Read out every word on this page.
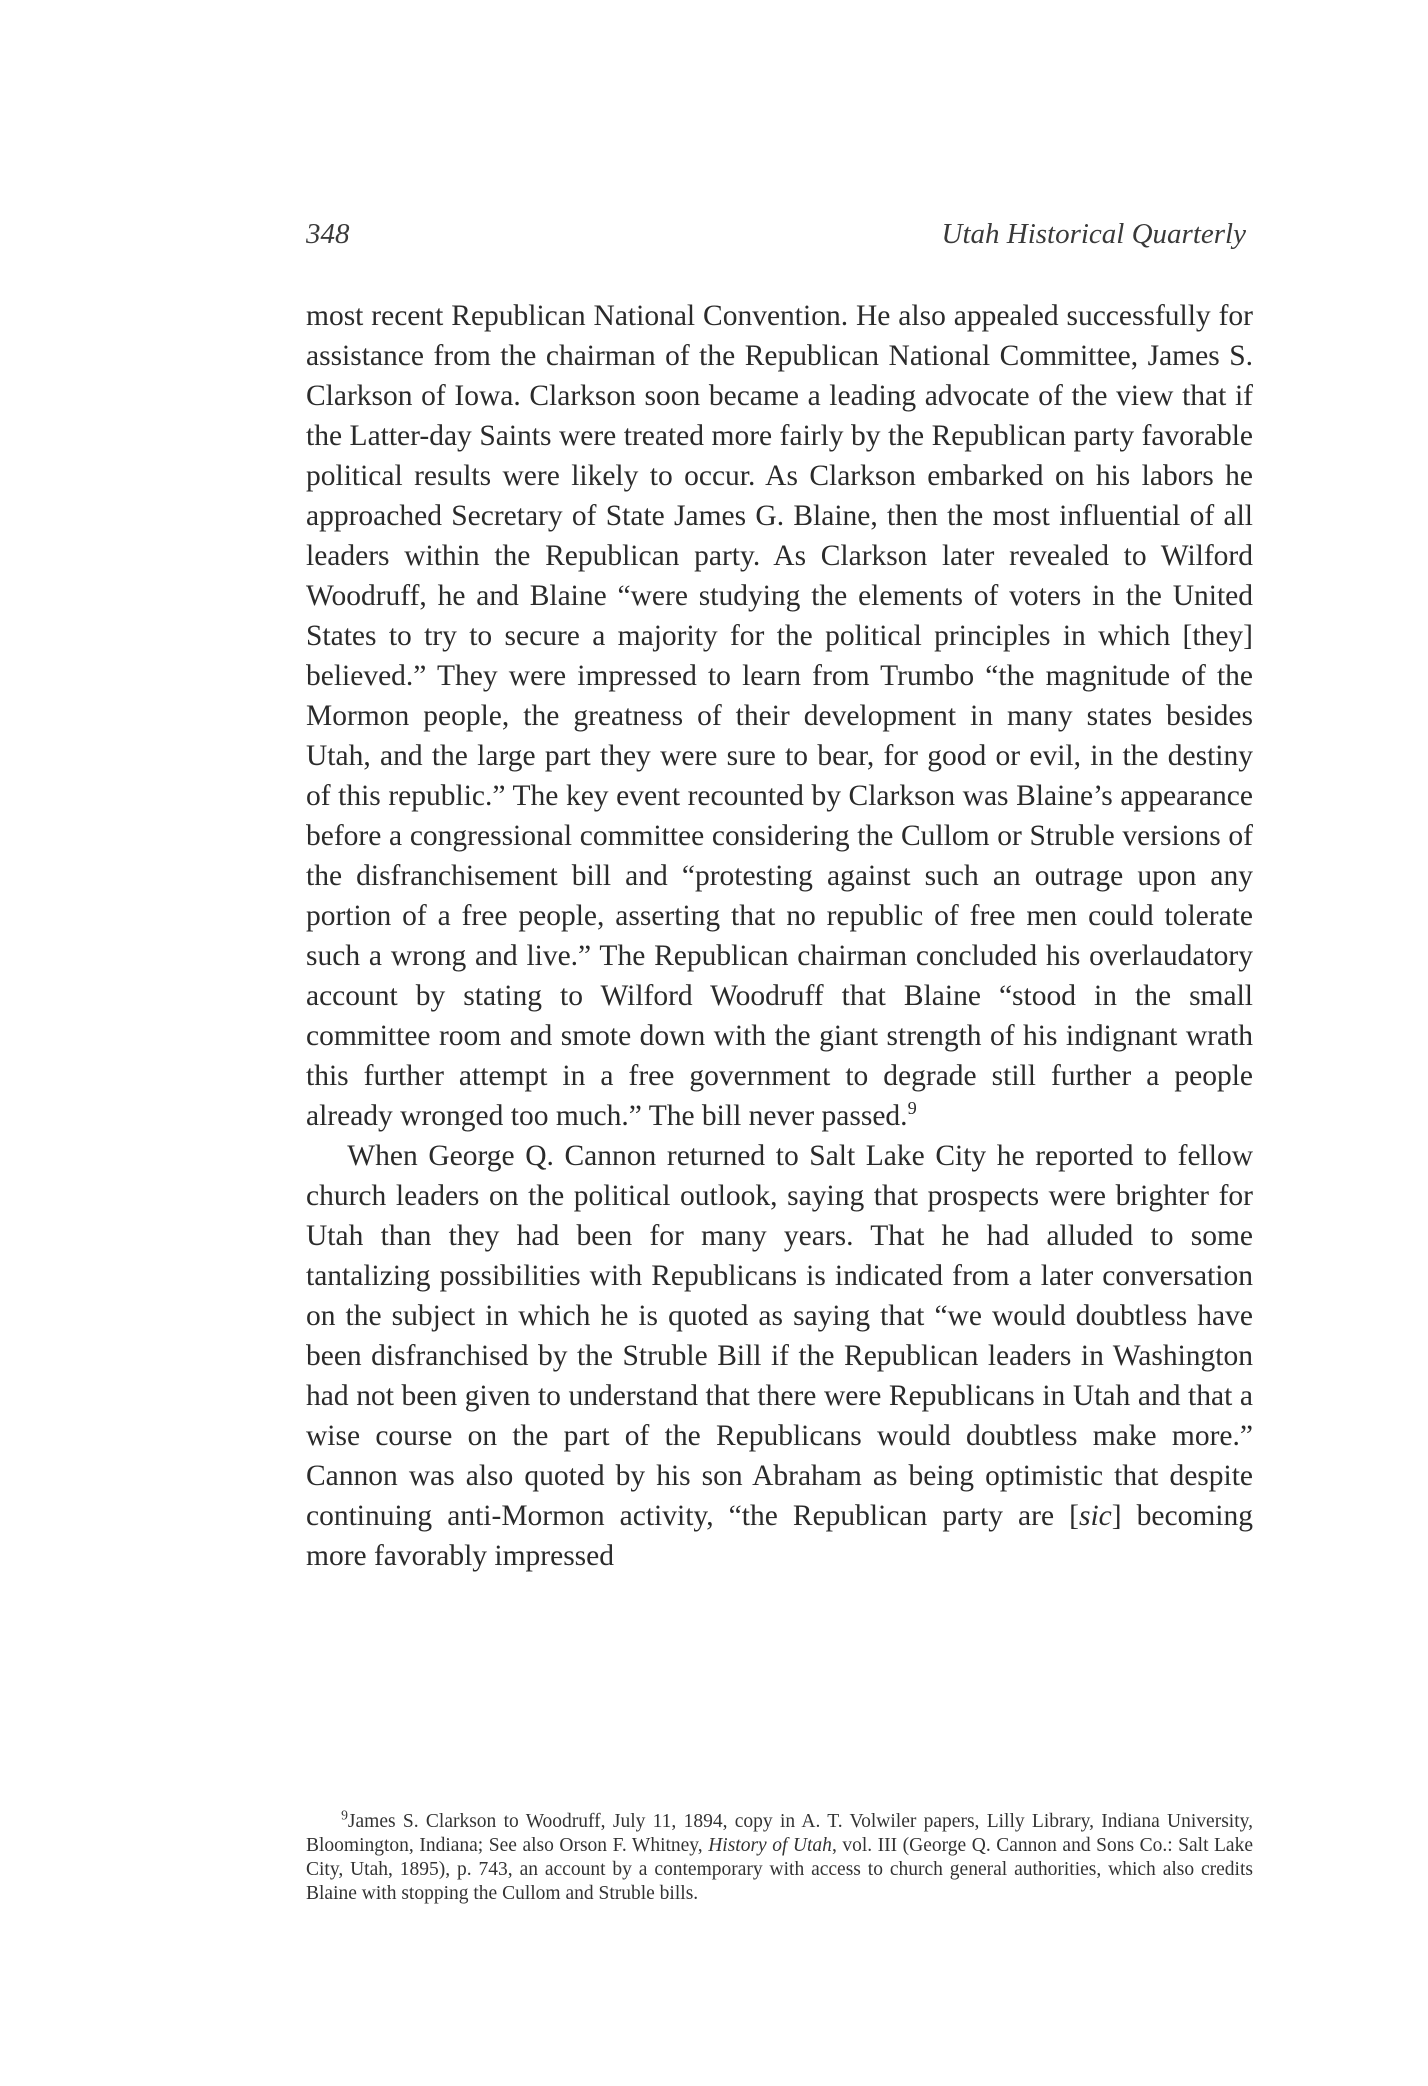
348	Utah Historical Quarterly

most recent Republican National Convention. He also appealed successfully for assistance from the chairman of the Republican National Committee, James S. Clarkson of Iowa. Clarkson soon became a leading advocate of the view that if the Latter-day Saints were treated more fairly by the Republican party favorable political results were likely to occur. As Clarkson embarked on his labors he approached Secretary of State James G. Blaine, then the most influential of all leaders within the Republican party. As Clarkson later revealed to Wilford Woodruff, he and Blaine “were studying the elements of voters in the United States to try to secure a majority for the political principles in which [they] believed.” They were impressed to learn from Trumbo “the magnitude of the Mormon people, the greatness of their development in many states besides Utah, and the large part they were sure to bear, for good or evil, in the destiny of this republic.” The key event recounted by Clarkson was Blaine’s appearance before a congressional committee considering the Cullom or Struble versions of the disfranchisement bill and “protesting against such an outrage upon any portion of a free people, asserting that no republic of free men could tolerate such a wrong and live.” The Republican chairman concluded his overlaudatory account by stating to Wilford Woodruff that Blaine “stood in the small committee room and smote down with the giant strength of his indignant wrath this further attempt in a free government to degrade still further a people already wronged too much.” The bill never passed.$^9$

When George Q. Cannon returned to Salt Lake City he reported to fellow church leaders on the political outlook, saying that prospects were brighter for Utah than they had been for many years. That he had alluded to some tantalizing possibilities with Republicans is indicated from a later conversation on the subject in which he is quoted as saying that “we would doubtless have been disfranchised by the Struble Bill if the Republican leaders in Washington had not been given to understand that there were Republicans in Utah and that a wise course on the part of the Republicans would doubtless make more.” Cannon was also quoted by his son Abraham as being optimistic that despite continuing anti-Mormon activity, “the Republican party are [sic] becoming more favorably impressed

$^9$James S. Clarkson to Woodruff, July 11, 1894, copy in A. T. Volwiler papers, Lilly Library, Indiana University, Bloomington, Indiana; See also Orson F. Whitney, History of Utah, vol. III (George Q. Cannon and Sons Co.: Salt Lake City, Utah, 1895), p. 743, an account by a contemporary with access to church general authorities, which also credits Blaine with stopping the Cullom and Struble bills.
